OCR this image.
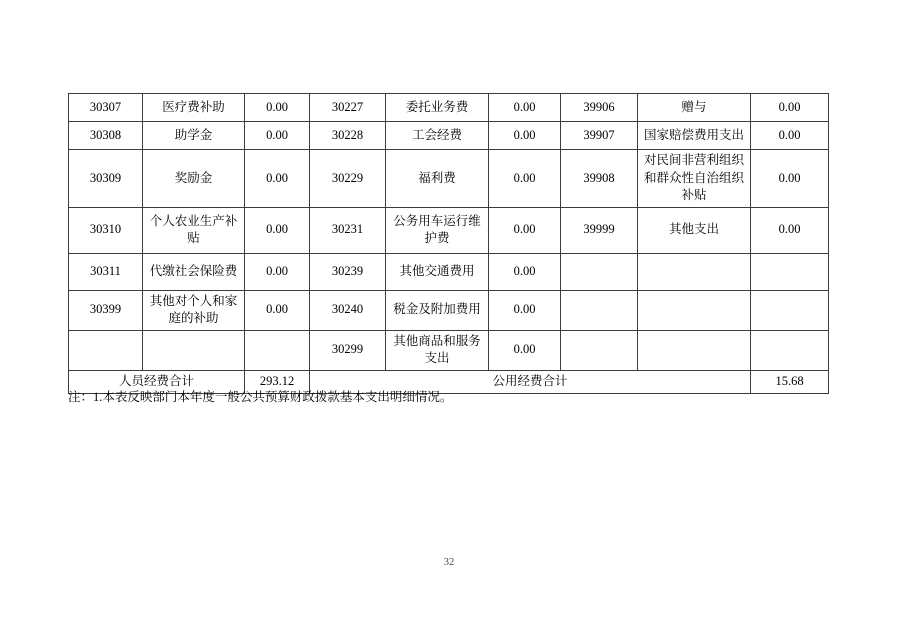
30307	医疗费补助	0.00	30227	委托业务费	0.00	39906	赠与	0.00
30308	助学金	0.00	30228	工会经费	0.00	39907	国家赔偿费用支出	0.00
30309	奖励金	0.00	30229	福利费	0.00	39908	对民间非营利组织和群众性自治组织补贴	0.00
30310	个人农业生产补贴	0.00	30231	公务用车运行维护费	0.00	39999	其他支出	0.00
30311	代缴社会保险费	0.00	30239	其他交通费用	0.00			
30399	其他对个人和家庭的补助	0.00	30240	税金及附加费用	0.00			
			30299	其他商品和服务支出	0.00			
人员经费合计		293.12	公用经费合计					15.68
注：1.本表反映部门本年度一般公共预算财政拨款基本支出明细情况。
32
